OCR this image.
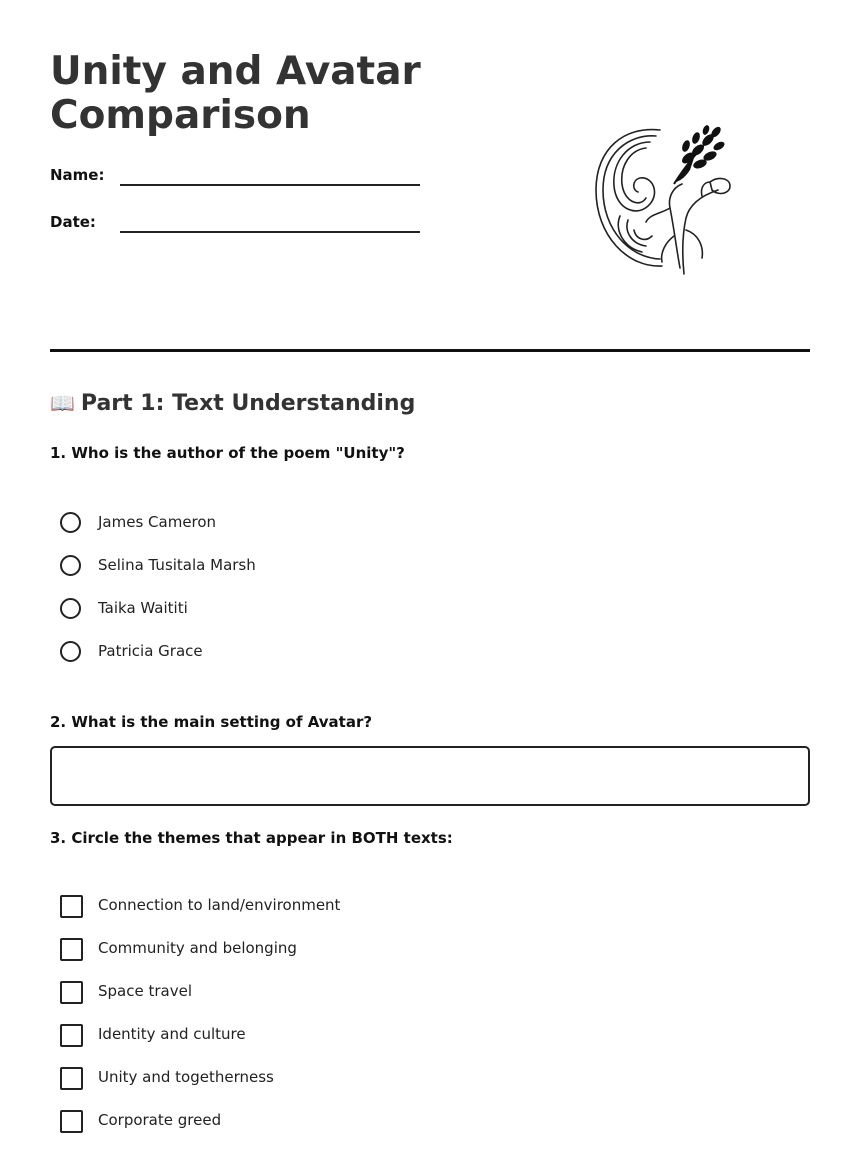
Unity and Avatar Comparison
Name:
Date:
📖 Part 1: Text Understanding

1. Who is the author of the poem "Unity"?

James Cameron
Selina Tusitala Marsh
Taika Waititi
Patricia Grace

2. What is the main setting of Avatar?

3. Circle the themes that appear in BOTH texts:

Connection to land/environment
Community and belonging
Space travel
Identity and culture
Unity and togetherness
Corporate greed
